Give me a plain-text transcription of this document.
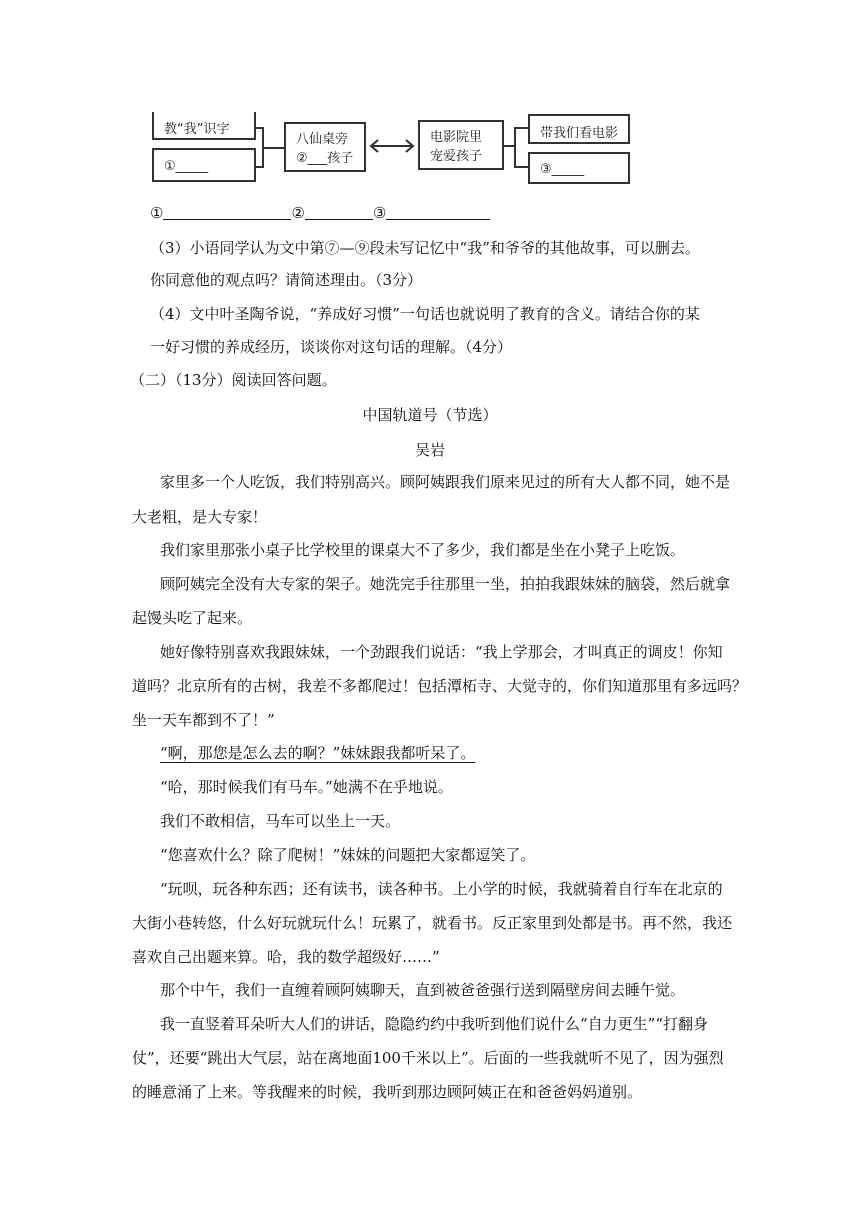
教“我”识字
①_____
八仙桌旁
②___孩子
电影院里
宠爱孩子
带我们看电影
③_____
①	②	③
（3）小语同学认为文中第⑦—⑨段未写记忆中“我”和爷爷的其他故事，可以删去。
你同意他的观点吗？请简述理由。（3分）
（4）文中叶圣陶爷说，“养成好习惯”一句话也就说明了教育的含义。请结合你的某
一好习惯的养成经历，谈谈你对这句话的理解。（4分）
（二）（13分）阅读回答问题。
中国轨道号（节选）
吴岩
家里多一个人吃饭，我们特别高兴。顾阿姨跟我们原来见过的所有大人都不同，她不是
大老粗，是大专家！
我们家里那张小桌子比学校里的课桌大不了多少，我们都是坐在小凳子上吃饭。
顾阿姨完全没有大专家的架子。她洗完手往那里一坐，拍拍我跟妹妹的脑袋，然后就拿
起馒头吃了起来。
她好像特别喜欢我跟妹妹，一个劲跟我们说话：“我上学那会，才叫真正的调皮！你知
道吗？北京所有的古树，我差不多都爬过！包括潭柘寺、大觉寺的，你们知道那里有多远吗？
坐一天车都到不了！”
“啊，那您是怎么去的啊？”妹妹跟我都听呆了。
“哈，那时候我们有马车。”她满不在乎地说。
我们不敢相信，马车可以坐上一天。
“您喜欢什么？除了爬树！”妹妹的问题把大家都逗笑了。
“玩呗，玩各种东西；还有读书，读各种书。上小学的时候，我就骑着自行车在北京的
大街小巷转悠，什么好玩就玩什么！玩累了，就看书。反正家里到处都是书。再不然，我还
喜欢自己出题来算。哈，我的数学超级好……”
那个中午，我们一直缠着顾阿姨聊天，直到被爸爸强行送到隔壁房间去睡午觉。
我一直竖着耳朵听大人们的讲话，隐隐约约中我听到他们说什么“自力更生”“打翻身
仗”，还要“跳出大气层，站在离地面100千米以上”。后面的一些我就听不见了，因为强烈
的睡意涌了上来。等我醒来的时候，我听到那边顾阿姨正在和爸爸妈妈道别。
